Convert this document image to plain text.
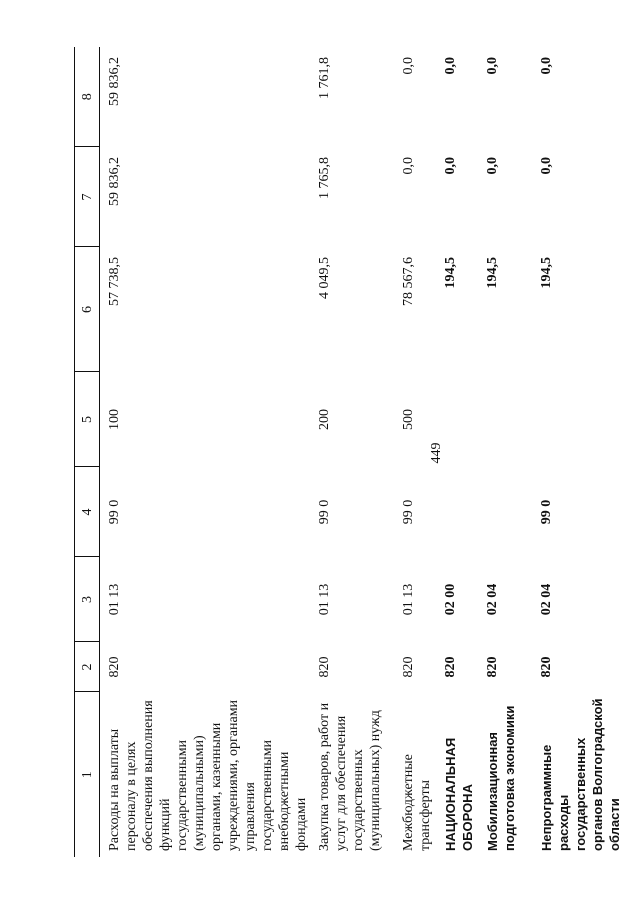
449
1	2	3	4	5	6	7	8
Расходы на выплаты персоналу в целях обеспечения выполнения функций государственными (муниципальными) органами, казенными учреждениями, органами управления государственными внебюджетными фондами	820	01 13	99 0	100	57 738,5	59 836,2	59 836,2
Закупка товаров, работ и услуг для обеспечения государственных (муниципальных) нужд	820	01 13	99 0	200	4 049,5	1 765,8	1 761,8
Межбюджетные трансферты	820	01 13	99 0	500	78 567,6	0,0	0,0
НАЦИОНАЛЬНАЯ ОБОРОНА	820	02 00			194,5	0,0	0,0
Мобилизационная подготовка экономики	820	02 04			194,5	0,0	0,0
Непрограммные расходы государственных органов Волгоградской области	820	02 04	99 0		194,5	0,0	0,0
